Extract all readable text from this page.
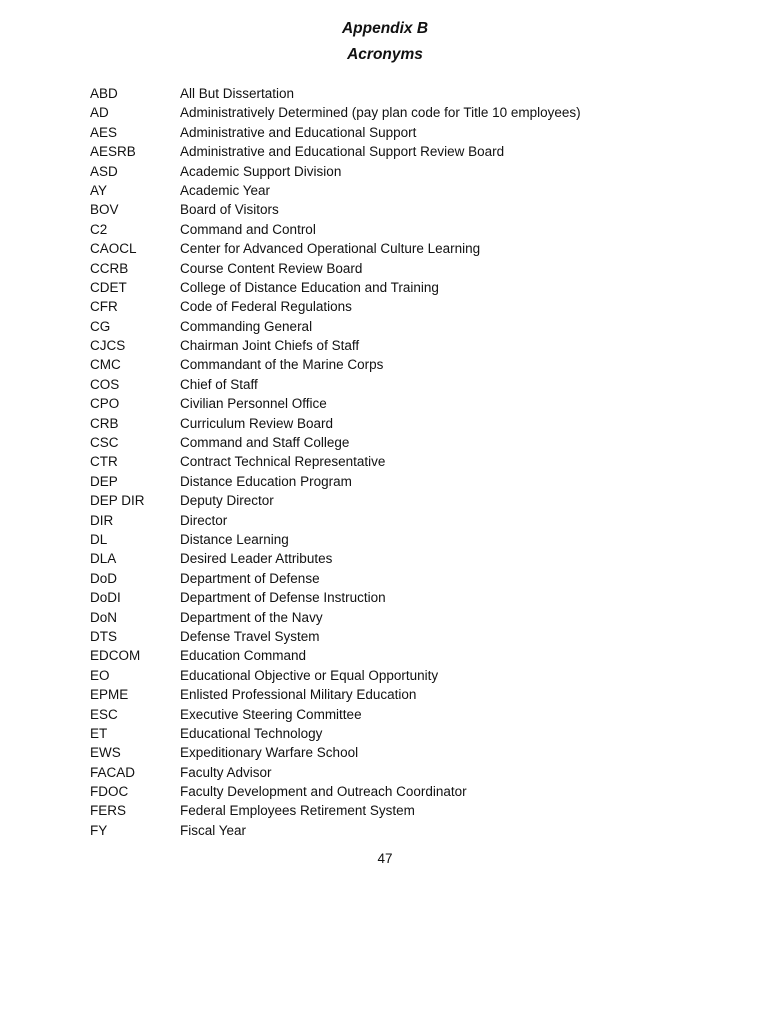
Appendix B
Acronyms
ABD	All But Dissertation
AD	Administratively Determined (pay plan code for Title 10 employees)
AES	Administrative and Educational Support
AESRB	Administrative and Educational Support Review Board
ASD	Academic Support Division
AY	Academic Year
BOV	Board of Visitors
C2	Command and Control
CAOCL	Center for Advanced Operational Culture Learning
CCRB	Course Content Review Board
CDET	College of Distance Education and Training
CFR	Code of Federal Regulations
CG	Commanding General
CJCS	Chairman Joint Chiefs of Staff
CMC	Commandant of the Marine Corps
COS	Chief of Staff
CPO	Civilian Personnel Office
CRB	Curriculum Review Board
CSC	Command and Staff College
CTR	Contract Technical Representative
DEP	Distance Education Program
DEP DIR	Deputy Director
DIR	Director
DL	Distance Learning
DLA	Desired Leader Attributes
DoD	Department of Defense
DoDI	Department of Defense Instruction
DoN	Department of the Navy
DTS	Defense Travel System
EDCOM	Education Command
EO	Educational Objective or Equal Opportunity
EPME	Enlisted Professional Military Education
ESC	Executive Steering Committee
ET	Educational Technology
EWS	Expeditionary Warfare School
FACAD	Faculty Advisor
FDOC	Faculty Development and Outreach Coordinator
FERS	Federal Employees Retirement System
FY	Fiscal Year
47
